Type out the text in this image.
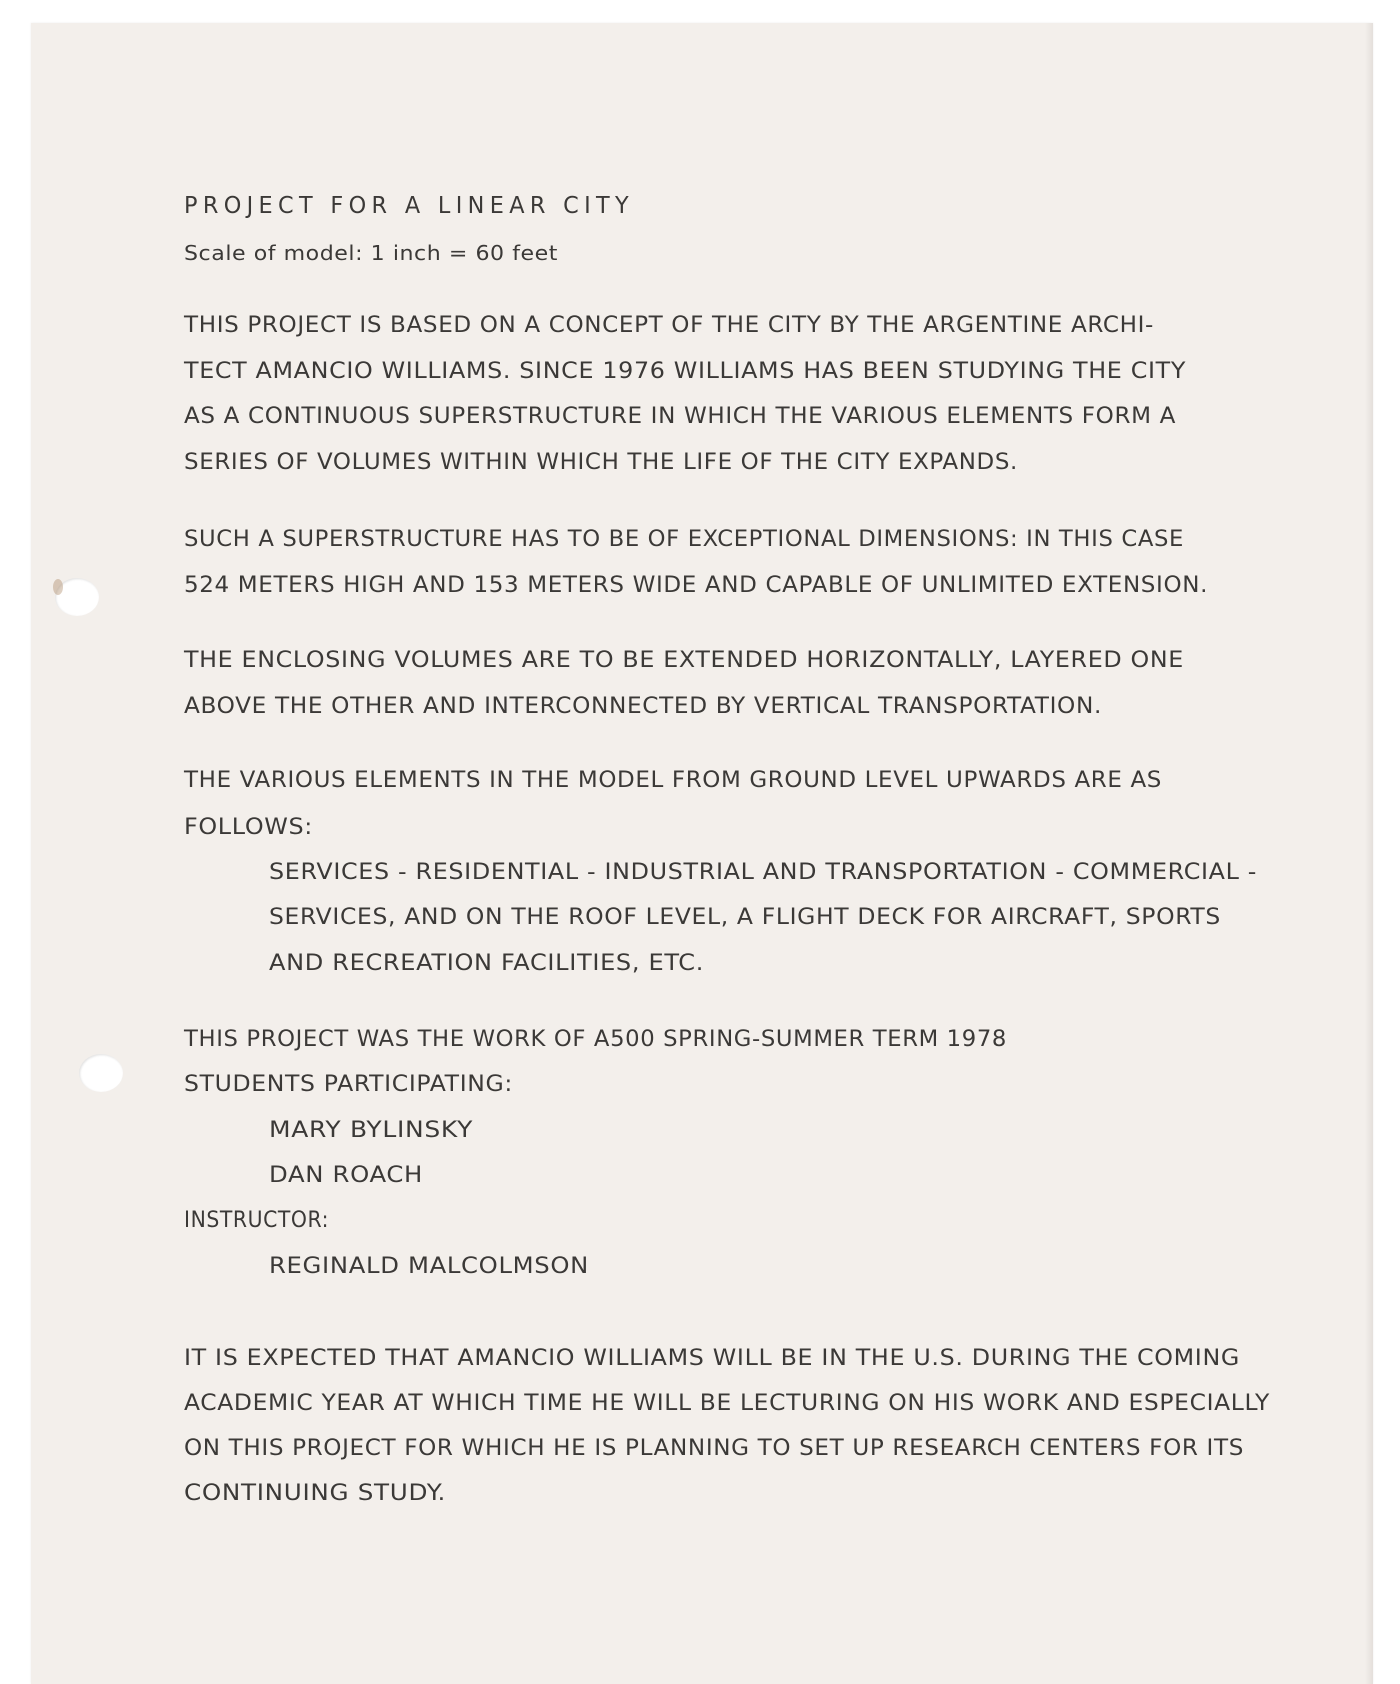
PROJECT FOR A LINEAR CITY

Scale of model: 1 inch = 60 feet

THIS PROJECT IS BASED ON A CONCEPT OF THE CITY BY THE ARGENTINE ARCHI-

TECT AMANCIO WILLIAMS. SINCE 1976 WILLIAMS HAS BEEN STUDYING THE CITY

AS A CONTINUOUS SUPERSTRUCTURE IN WHICH THE VARIOUS ELEMENTS FORM A

SERIES OF VOLUMES WITHIN WHICH THE LIFE OF THE CITY EXPANDS.

SUCH A SUPERSTRUCTURE HAS TO BE OF EXCEPTIONAL DIMENSIONS: IN THIS CASE

524 METERS HIGH AND 153 METERS WIDE AND CAPABLE OF UNLIMITED EXTENSION.

THE ENCLOSING VOLUMES ARE TO BE EXTENDED HORIZONTALLY, LAYERED ONE

ABOVE THE OTHER AND INTERCONNECTED BY VERTICAL TRANSPORTATION.

THE VARIOUS ELEMENTS IN THE MODEL FROM GROUND LEVEL UPWARDS ARE AS

FOLLOWS:

SERVICES - RESIDENTIAL - INDUSTRIAL AND TRANSPORTATION - COMMERCIAL -

SERVICES, AND ON THE ROOF LEVEL, A FLIGHT DECK FOR AIRCRAFT, SPORTS

AND RECREATION FACILITIES, ETC.

THIS PROJECT WAS THE WORK OF A500 SPRING-SUMMER TERM 1978

STUDENTS PARTICIPATING:

MARY BYLINSKY

DAN ROACH

INSTRUCTOR:

REGINALD MALCOLMSON

IT IS EXPECTED THAT AMANCIO WILLIAMS WILL BE IN THE U.S. DURING THE COMING

ACADEMIC YEAR AT WHICH TIME HE WILL BE LECTURING ON HIS WORK AND ESPECIALLY

ON THIS PROJECT FOR WHICH HE IS PLANNING TO SET UP RESEARCH CENTERS FOR ITS

CONTINUING STUDY.
